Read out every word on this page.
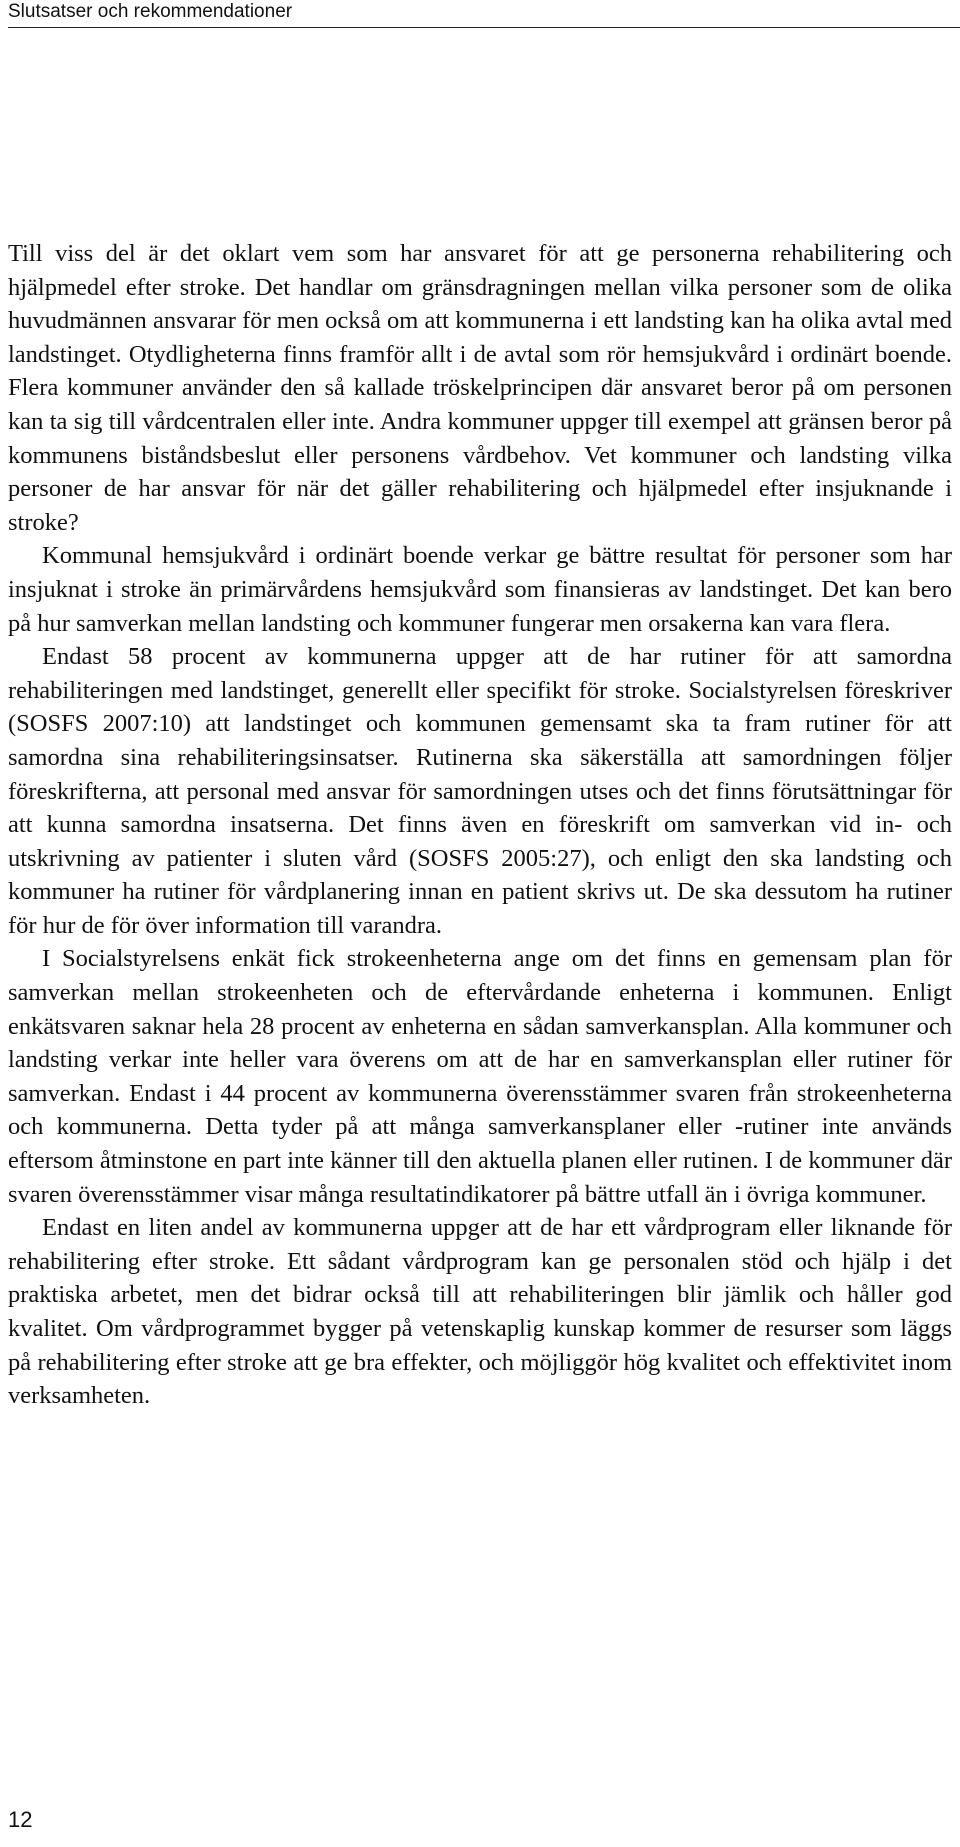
Slutsatser och rekommendationer

Till viss del är det oklart vem som har ansvaret för att ge personerna rehabilitering och hjälpmedel efter stroke. Det handlar om gränsdragningen mellan vilka personer som de olika huvudmännen ansvarar för men också om att kommunerna i ett landsting kan ha olika avtal med landstinget. Otydligheterna finns framför allt i de avtal som rör hemsjukvård i ordinärt boende. Flera kommuner använder den så kallade tröskelprincipen där ansvaret beror på om personen kan ta sig till vårdcentralen eller inte. Andra kommuner uppger till exempel att gränsen beror på kommunens biståndsbeslut eller personens vårdbehov. Vet kommuner och landsting vilka personer de har ansvar för när det gäller rehabilitering och hjälpmedel efter insjuknande i stroke?

Kommunal hemsjukvård i ordinärt boende verkar ge bättre resultat för personer som har insjuknat i stroke än primärvårdens hemsjukvård som finansieras av landstinget. Det kan bero på hur samverkan mellan landsting och kommuner fungerar men orsakerna kan vara flera.

Endast 58 procent av kommunerna uppger att de har rutiner för att samordna rehabiliteringen med landstinget, generellt eller specifikt för stroke. Socialstyrelsen föreskriver (SOSFS 2007:10) att landstinget och kommunen gemensamt ska ta fram rutiner för att samordna sina rehabiliteringsinsatser. Rutinerna ska säkerställa att samordningen följer föreskrifterna, att personal med ansvar för samordningen utses och det finns förutsättningar för att kunna samordna insatserna. Det finns även en föreskrift om samverkan vid in- och utskrivning av patienter i sluten vård (SOSFS 2005:27), och enligt den ska landsting och kommuner ha rutiner för vårdplanering innan en patient skrivs ut. De ska dessutom ha rutiner för hur de för över information till varandra.

I Socialstyrelsens enkät fick strokeenheterna ange om det finns en gemensam plan för samverkan mellan strokeenheten och de eftervårdande enheterna i kommunen. Enligt enkätsvaren saknar hela 28 procent av enheterna en sådan samverkansplan. Alla kommuner och landsting verkar inte heller vara överens om att de har en samverkansplan eller rutiner för samverkan. Endast i 44 procent av kommunerna överensstämmer svaren från strokeenheterna och kommunerna. Detta tyder på att många samverkansplaner eller -rutiner inte används eftersom åtminstone en part inte känner till den aktuella planen eller rutinen. I de kommuner där svaren överensstämmer visar många resultatindikatorer på bättre utfall än i övriga kommuner.

Endast en liten andel av kommunerna uppger att de har ett vårdprogram eller liknande för rehabilitering efter stroke. Ett sådant vårdprogram kan ge personalen stöd och hjälp i det praktiska arbetet, men det bidrar också till att rehabiliteringen blir jämlik och håller god kvalitet. Om vårdprogrammet bygger på vetenskaplig kunskap kommer de resurser som läggs på rehabilitering efter stroke att ge bra effekter, och möjliggör hög kvalitet och effektivitet inom verksamheten.

12
